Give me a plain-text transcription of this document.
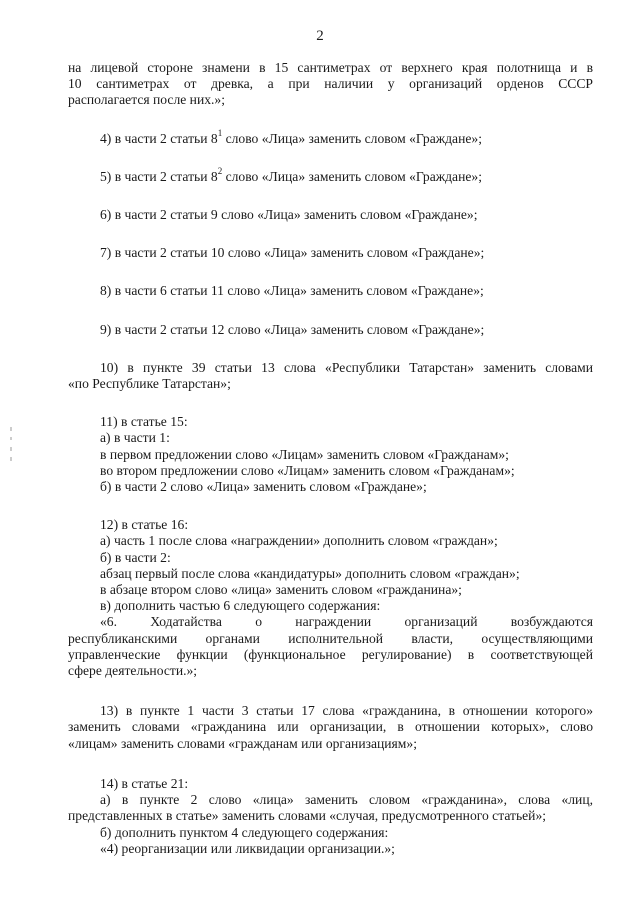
2

на лицевой стороне знамени в 15 сантиметрах от верхнего края полотнища и в

10 сантиметрах от древка, а при наличии у организаций орденов СССР

располагается после них.»;

4) в части 2 статьи $8^1$ слово «Лица» заменить словом «Граждане»;

5) в части 2 статьи $8^2$ слово «Лица» заменить словом «Граждане»;

6) в части 2 статьи 9 слово «Лица» заменить словом «Граждане»;

7) в части 2 статьи 10 слово «Лица» заменить словом «Граждане»;

8) в части 6 статьи 11 слово «Лица» заменить словом «Граждане»;

9) в части 2 статьи 12 слово «Лица» заменить словом «Граждане»;

10) в пункте 39 статьи 13 слова «Республики Татарстан» заменить словами

«по Республике Татарстан»;

11) в статье 15:

а) в части 1:

в первом предложении слово «Лицам» заменить словом «Гражданам»;

во втором предложении слово «Лицам» заменить словом «Гражданам»;

б) в части 2 слово «Лица» заменить словом «Граждане»;

12) в статье 16:

а) часть 1 после слова «награждении» дополнить словом «граждан»;

б) в части 2:

абзац первый после слова «кандидатуры» дополнить словом «граждан»;

в абзаце втором слово «лица» заменить словом «гражданина»;

в) дополнить частью 6 следующего содержания:

«6. Ходатайства о награждении организаций возбуждаются

республиканскими органами исполнительной власти, осуществляющими

управленческие функции (функциональное регулирование) в соответствующей

сфере деятельности.»;

13) в пункте 1 части 3 статьи 17 слова «гражданина, в отношении которого»

заменить словами «гражданина или организации, в отношении которых», слово

«лицам» заменить словами «гражданам или организациям»;

14) в статье 21:

а) в пункте 2 слово «лица» заменить словом «гражданина», слова «лиц,

представленных в статье» заменить словами «случая, предусмотренного статьей»;

б) дополнить пунктом 4 следующего содержания:

«4) реорганизации или ликвидации организации.»;
